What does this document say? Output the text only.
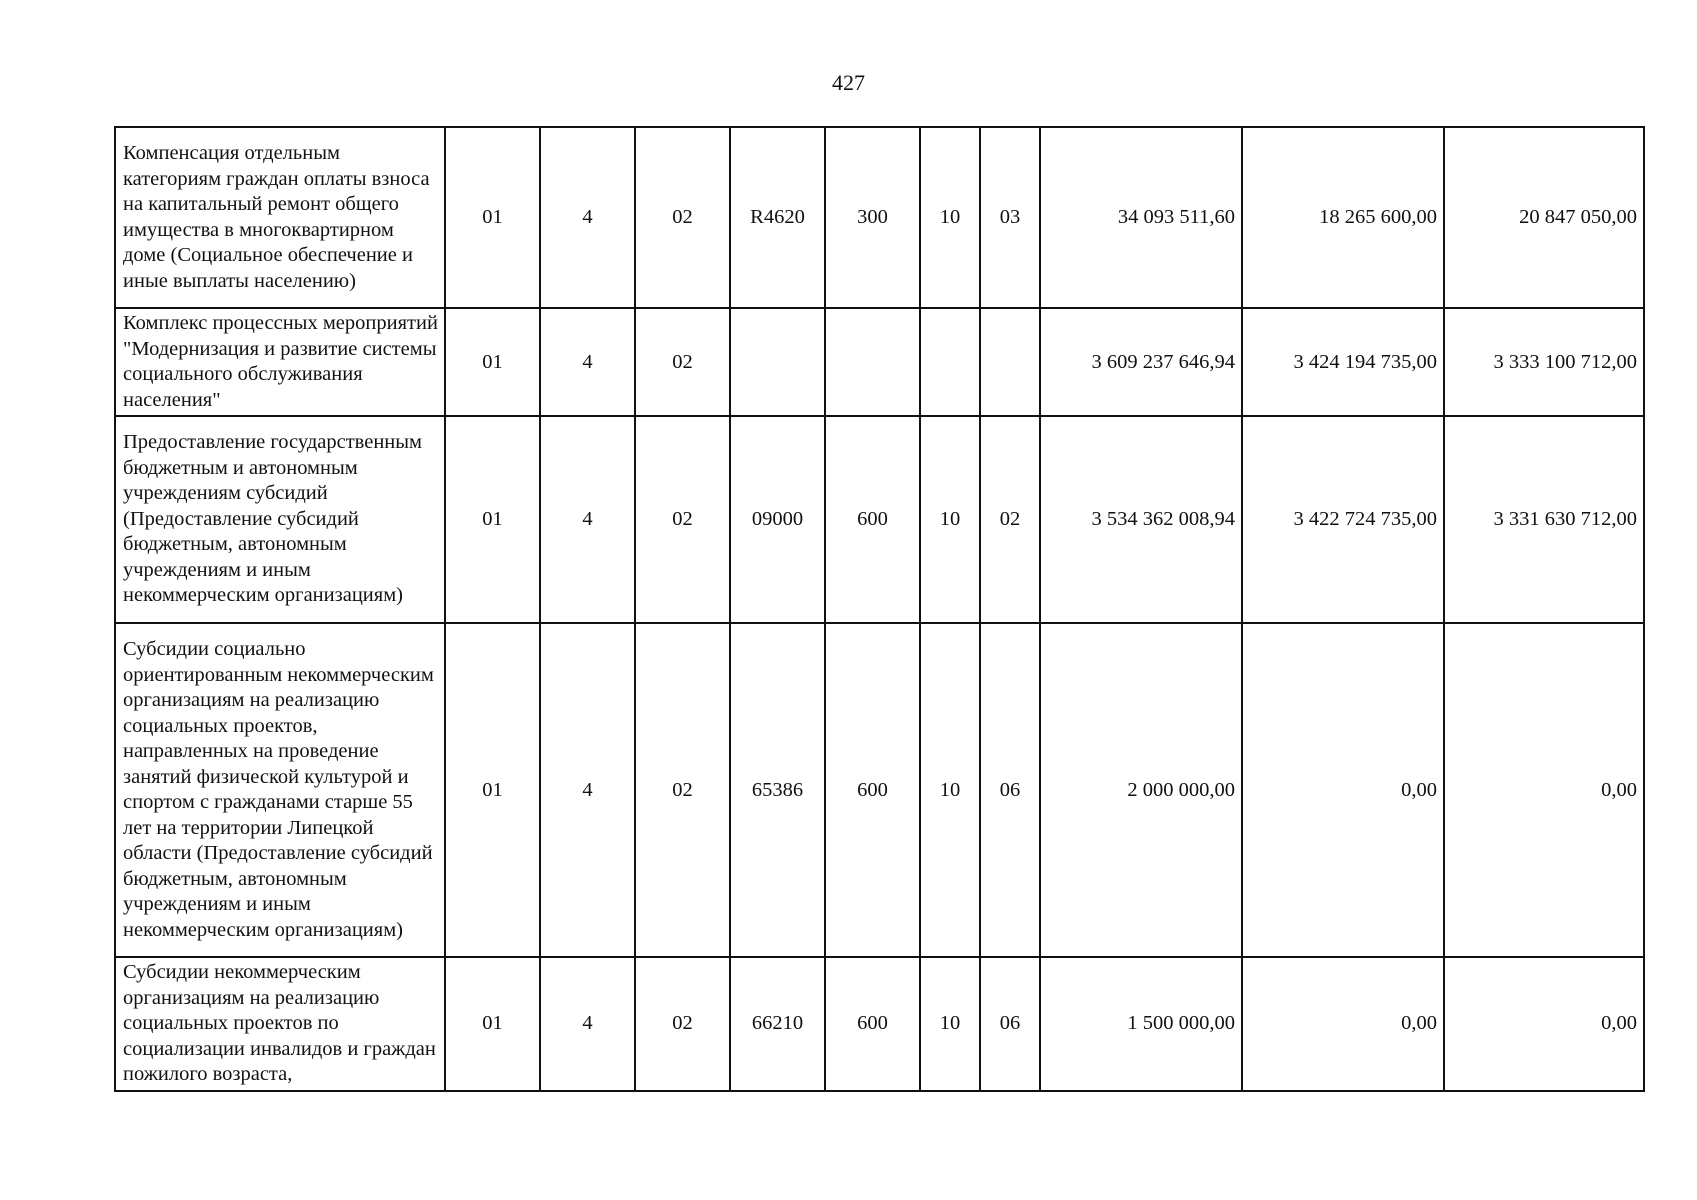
427
Компенсация отдельным категориям граждан оплаты взноса на капитальный ремонт общего имущества в многоквартирном доме (Социальное обеспечение и иные выплаты населению)	01	4	02	R4620	300	10	03	34 093 511,60	18 265 600,00	20 847 050,00
Комплекс процессных мероприятий "Модернизация и развитие системы социального обслуживания населения"	01	4	02					3 609 237 646,94	3 424 194 735,00	3 333 100 712,00
Предоставление государственным бюджетным и автономным учреждениям субсидий (Предоставление субсидий бюджетным, автономным учреждениям и иным некоммерческим организациям)	01	4	02	09000	600	10	02	3 534 362 008,94	3 422 724 735,00	3 331 630 712,00
Субсидии социально ориентированным некоммерческим организациям на реализацию социальных проектов, направленных на проведение занятий физической культурой и спортом с гражданами старше 55 лет на территории Липецкой области (Предоставление субсидий бюджетным, автономным учреждениям и иным некоммерческим организациям)	01	4	02	65386	600	10	06	2 000 000,00	0,00	0,00
Субсидии некоммерческим организациям на реализацию социальных проектов по социализации инвалидов и граждан пожилого возраста,	01	4	02	66210	600	10	06	1 500 000,00	0,00	0,00
